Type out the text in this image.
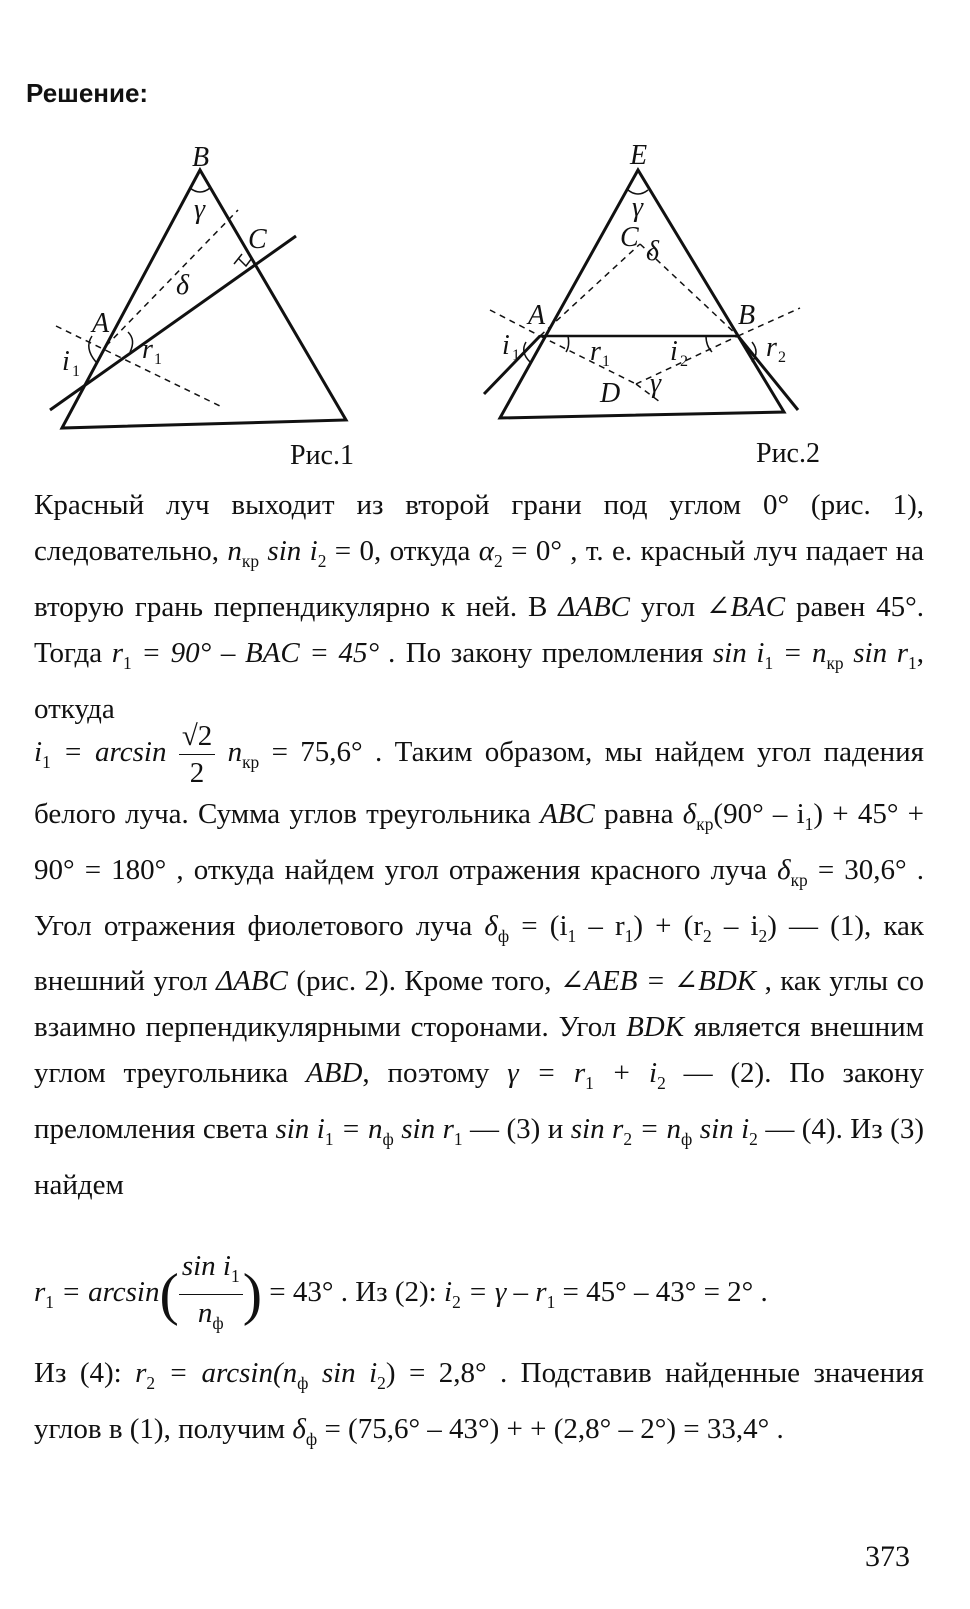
Решение:
B
C
A
γ
δ
i 1
r 1
E
γ
C δ
A	B
i 1	r 1 i 2	r 2
D γ
Рис.1	Рис.2
Красный луч выходит из второй грани под углом 0° (рис. 1), следовательно, $n_{кр}$ $\sin i_2 = 0$, откуда $\alpha_2 = 0^\circ$ , т. е. красный луч падает на вторую грань перпендикулярно к ней. В ΔABC угол ∠BAC равен 45°. Тогда $r_1 = 90^\circ$ – BAC = 45° . По закону преломления $\sin i_1 = n_{кр}$ $\sin r_1$, откуда
$i_1 = \arcsin \frac{√2}{2} n_{кр} = 75,6^\circ$ . Таким образом, мы найдем угол падения белого луча. Сумма углов треугольника ABC равна $\delta_{кр}(90^\circ - i_1) + 45^\circ + 90^\circ = 180^\circ$ , откуда найдем угол отражения красного луча $\delta_{кр} = 30,6^\circ$ . Угол отражения фиолетового луча $\delta_ф = (i_1 - r_1) + (r_2 - i_2)$ — (1), как внешний угол ΔABC (рис. 2). Кроме того, ∠AEB = ∠BDK , как углы со взаимно перпендикулярными сторонами. Угол BDK является внешним углом треугольника ABD, поэтому $\gamma = r_1 + i_2$ — (2). По закону преломления света $\sin i_1 = n_ф$ $\sin r_1$ — (3) и $\sin r_2 = n_ф$ $\sin i_2$ — (4). Из (3) найдем
$r_1 = \arcsin( \frac{\sin i_1}{n_ф}$ ) = 43° . Из (2): $i_2 = \gamma - r_1 = 45^\circ - 43^\circ = 2^\circ$ .
Из (4): $r_2 = \arcsin(n_ф$ $\sin i_2) = 2,8^\circ$ . Подставив найденные значения углов в (1), получим $\delta_ф = (75,6^\circ - 43^\circ)$ + + (2,8° – 2°) = 33,4° .
373
